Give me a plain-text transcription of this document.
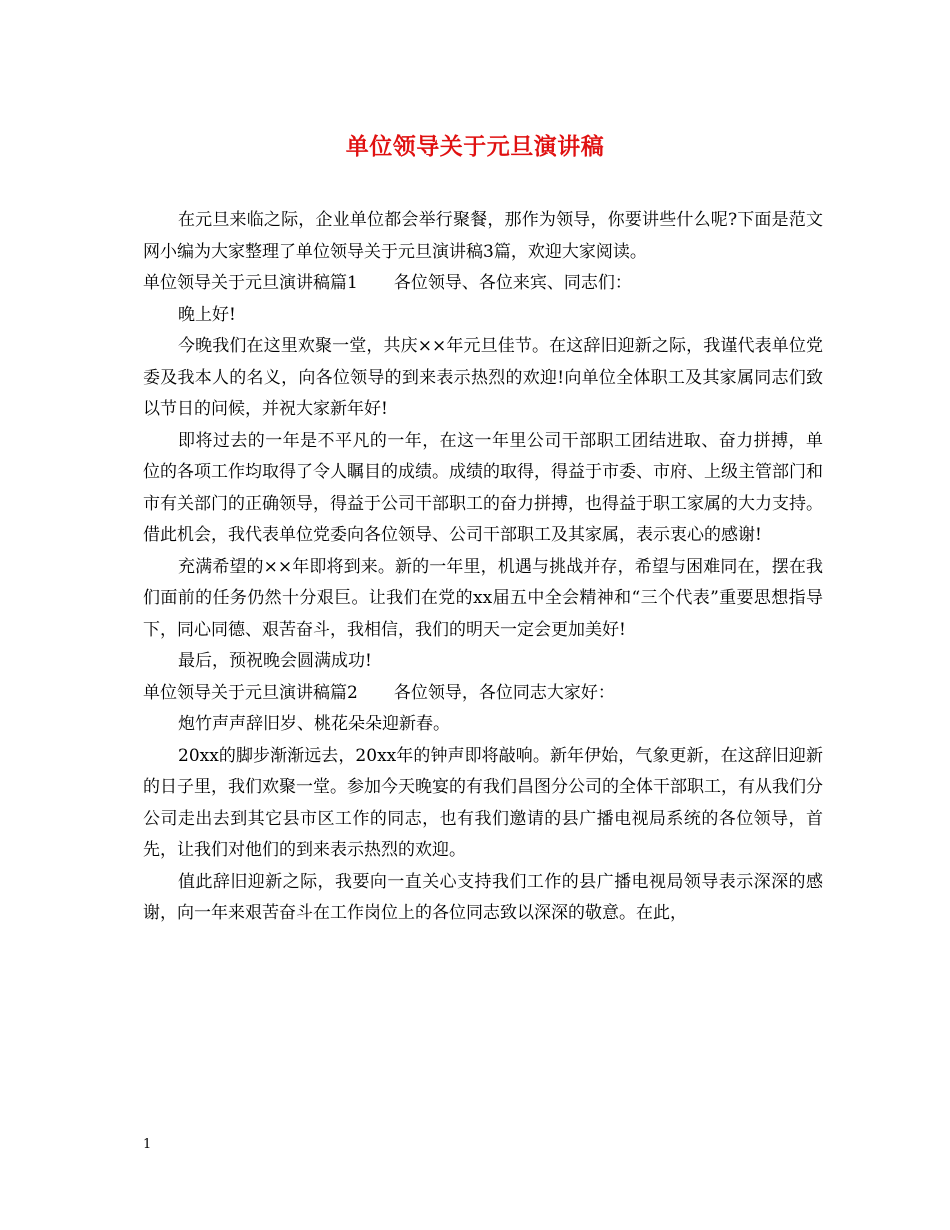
单位领导关于元旦演讲稿

在元旦来临之际，企业单位都会举行聚餐，那作为领导，你要讲些什么呢?下面是范文网小编为大家整理了单位领导关于元旦演讲稿3篇，欢迎大家阅读。

单位领导关于元旦演讲稿篇1 各位领导、各位来宾、同志们：

晚上好!

今晚我们在这里欢聚一堂，共庆××年元旦佳节。在这辞旧迎新之际，我谨代表单位党委及我本人的名义，向各位领导的到来表示热烈的欢迎!向单位全体职工及其家属同志们致以节日的问候，并祝大家新年好!

即将过去的一年是不平凡的一年，在这一年里公司干部职工团结进取、奋力拼搏，单位的各项工作均取得了令人瞩目的成绩。成绩的取得，得益于市委、市府、上级主管部门和市有关部门的正确领导，得益于公司干部职工的奋力拼搏，也得益于职工家属的大力支持。借此机会，我代表单位党委向各位领导、公司干部职工及其家属，表示衷心的感谢!

充满希望的××年即将到来。新的一年里，机遇与挑战并存，希望与困难同在，摆在我们面前的任务仍然十分艰巨。让我们在党的xx届五中全会精神和“三个代表”重要思想指导下，同心同德、艰苦奋斗，我相信，我们的明天一定会更加美好!

最后，预祝晚会圆满成功!

单位领导关于元旦演讲稿篇2 各位领导，各位同志大家好：

炮竹声声辞旧岁、桃花朵朵迎新春。

20xx的脚步渐渐远去，20xx年的钟声即将敲响。新年伊始，气象更新，在这辞旧迎新的日子里，我们欢聚一堂。参加今天晚宴的有我们昌图分公司的全体干部职工，有从我们分公司走出去到其它县市区工作的同志，也有我们邀请的县广播电视局系统的各位领导，首先，让我们对他们的到来表示热烈的欢迎。

值此辞旧迎新之际，我要向一直关心支持我们工作的县广播电视局领导表示深深的感谢，向一年来艰苦奋斗在工作岗位上的各位同志致以深深的敬意。在此，

1
